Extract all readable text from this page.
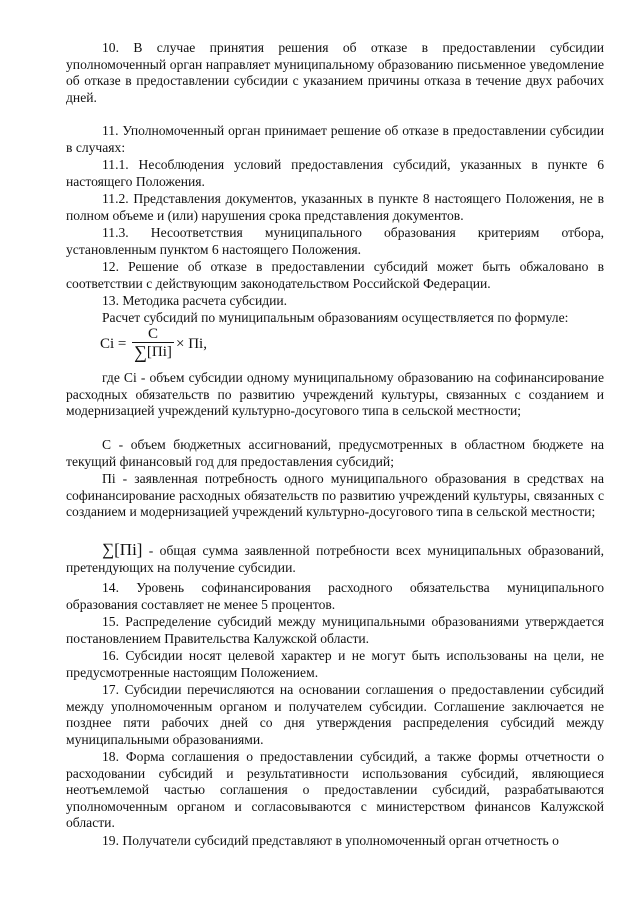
10. В случае принятия решения об отказе в предоставлении субсидии уполномоченный орган направляет муниципальному образованию письменное уведомление об отказе в предоставлении субсидии с указанием причины отказа в течение двух рабочих дней.

11. Уполномоченный орган принимает решение об отказе в предоставлении субсидии в случаях:

11.1. Несоблюдения условий предоставления субсидий, указанных в пункте 6 настоящего Положения.

11.2. Представления документов, указанных в пункте 8 настоящего Положения, не в полном объеме и (или) нарушения срока представления документов.

11.3. Несоответствия муниципального образования критериям отбора, установленным пунктом 6 настоящего Положения.

12. Решение об отказе в предоставлении субсидий может быть обжаловано в соответствии с действующим законодательством Российской Федерации.

13. Методика расчета субсидии.

Расчет субсидий по муниципальным образованиям осуществляется по формуле:

Ci =
C
∑[Пi] × Пi,

где Ci - объем субсидии одному муниципальному образованию на софинансирование расходных обязательств по развитию учреждений культуры, связанных с созданием и модернизацией учреждений культурно-досугового типа в сельской местности;

С - объем бюджетных ассигнований, предусмотренных в областном бюджете на текущий финансовый год для предоставления субсидий;

Пi - заявленная потребность одного муниципального образования в средствах на софинансирование расходных обязательств по развитию учреждений культуры, связанных с созданием и модернизацией учреждений культурно-досугового типа в сельской местности;

∑[Пi] - общая сумма заявленной потребности всех муниципальных образований, претендующих на получение субсидии.

14. Уровень софинансирования расходного обязательства муниципального образования составляет не менее 5 процентов.

15. Распределение субсидий между муниципальными образованиями утверждается постановлением Правительства Калужской области.

16. Субсидии носят целевой характер и не могут быть использованы на цели, не предусмотренные настоящим Положением.

17. Субсидии перечисляются на основании соглашения о предоставлении субсидий между уполномоченным органом и получателем субсидии. Соглашение заключается не позднее пяти рабочих дней со дня утверждения распределения субсидий между муниципальными образованиями.

18. Форма соглашения о предоставлении субсидий, а также формы отчетности о расходовании субсидий и результативности использования субсидий, являющиеся неотъемлемой частью соглашения о предоставлении субсидий, разрабатываются уполномоченным органом и согласовываются с министерством финансов Калужской области.

19. Получатели субсидий представляют в уполномоченный орган отчетность о
